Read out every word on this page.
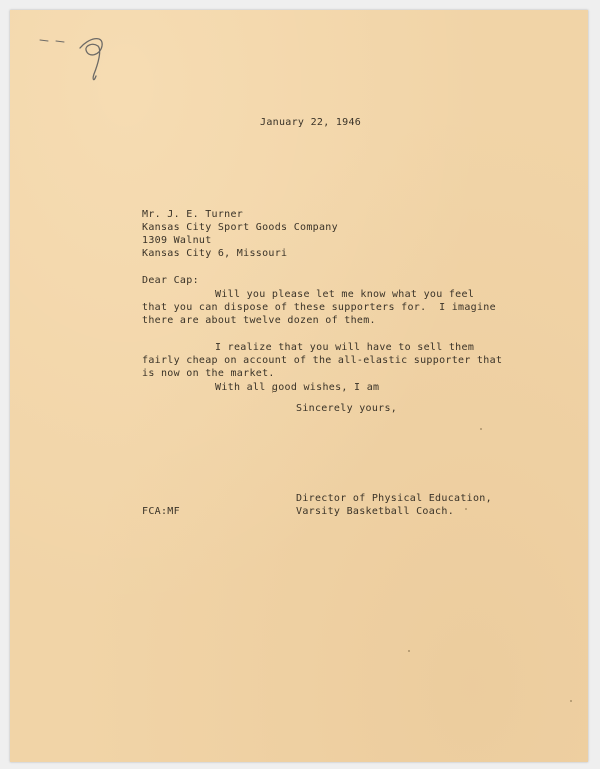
January 22, 1946
Mr. J. E. Turner
Kansas City Sport Goods Company
1309 Walnut
Kansas City 6, Missouri
Dear Cap:
Will you please let me know what you feel
that you can dispose of these supporters for.  I imagine
there are about twelve dozen of them.
I realize that you will have to sell them
fairly cheap on account of the all-elastic supporter that
is now on the market.
With all good wishes, I am
Sincerely yours,
Director of Physical Education,
Varsity Basketball Coach.
FCA:MF
